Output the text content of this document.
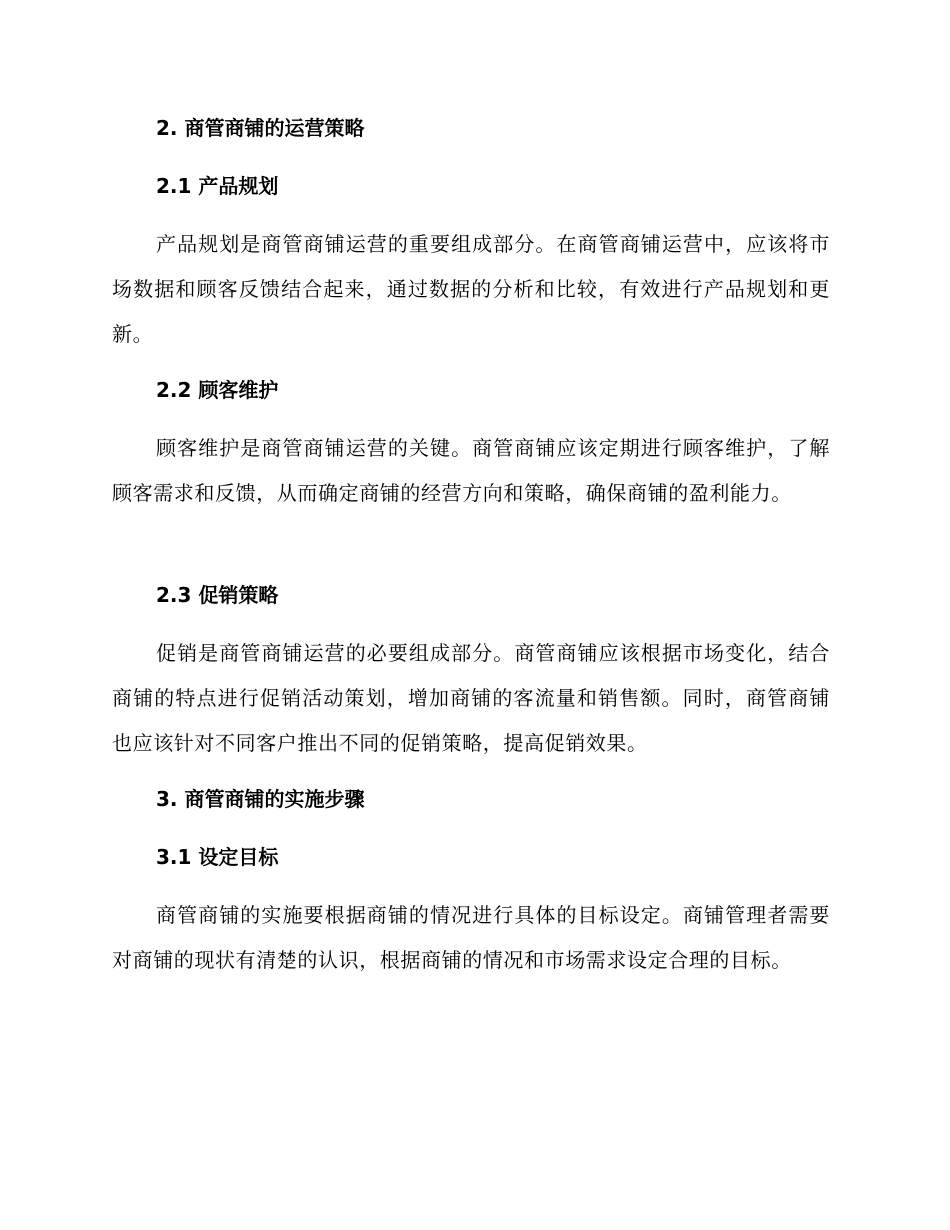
2. 商管商铺的运营策略
2.1 产品规划

产品规划是商管商铺运营的重要组成部分。在商管商铺运营中，应该将市场数据和顾客反馈结合起来，通过数据的分析和比较，有效进行产品规划和更新。

2.2 顾客维护

顾客维护是商管商铺运营的关键。商管商铺应该定期进行顾客维护，了解顾客需求和反馈，从而确定商铺的经营方向和策略，确保商铺的盈利能力。

2.3 促销策略

促销是商管商铺运营的必要组成部分。商管商铺应该根据市场变化，结合商铺的特点进行促销活动策划，增加商铺的客流量和销售额。同时，商管商铺也应该针对不同客户推出不同的促销策略，提高促销效果。

3. 商管商铺的实施步骤
3.1 设定目标

商管商铺的实施要根据商铺的情况进行具体的目标设定。商铺管理者需要对商铺的现状有清楚的认识，根据商铺的情况和市场需求设定合理的目标。
